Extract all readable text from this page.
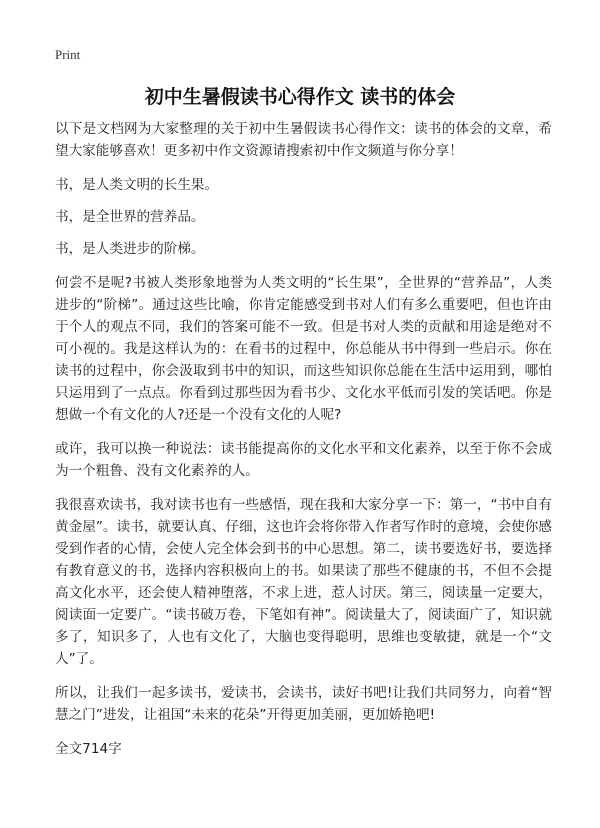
Print
初中生暑假读书心得作文 读书的体会

以下是文档网为大家整理的关于初中生暑假读书心得作文：读书的体会的文章，希望大家能够喜欢！更多初中作文资源请搜索初中作文频道与你分享！

书，是人类文明的长生果。

书，是全世界的营养品。

书，是人类进步的阶梯。

何尝不是呢?书被人类形象地誉为人类文明的“长生果”，全世界的“营养品”，人类进步的“阶梯”。通过这些比喻，你肯定能感受到书对人们有多么重要吧，但也许由于个人的观点不同，我们的答案可能不一致。但是书对人类的贡献和用途是绝对不可小视的。我是这样认为的：在看书的过程中，你总能从书中得到一些启示。你在读书的过程中，你会汲取到书中的知识，而这些知识你总能在生活中运用到，哪怕只运用到了一点点。你看到过那些因为看书少、文化水平低而引发的笑话吧。你是想做一个有文化的人?还是一个没有文化的人呢?

或许，我可以换一种说法：读书能提高你的文化水平和文化素养，以至于你不会成为一个粗鲁、没有文化素养的人。

我很喜欢读书，我对读书也有一些感悟，现在我和大家分享一下：第一，“书中自有黄金屋”。读书，就要认真、仔细，这也许会将你带入作者写作时的意境，会使你感受到作者的心情，会使人完全体会到书的中心思想。第二，读书要选好书，要选择有教育意义的书，选择内容积极向上的书。如果读了那些不健康的书，不但不会提高文化水平，还会使人精神堕落，不求上进，惹人讨厌。第三，阅读量一定要大，阅读面一定要广。“读书破万卷，下笔如有神”。阅读量大了，阅读面广了，知识就多了，知识多了，人也有文化了，大脑也变得聪明，思维也变敏捷，就是一个“文人”了。

所以，让我们一起多读书，爱读书，会读书，读好书吧!让我们共同努力，向着“智慧之门”进发，让祖国“未来的花朵”开得更加美丽，更加娇艳吧!

全文714字
